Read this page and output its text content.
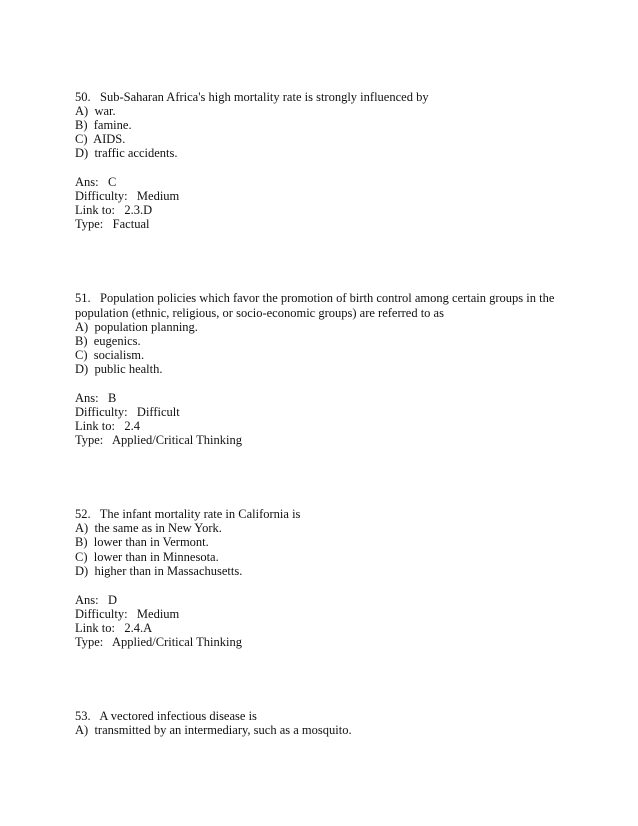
50. Sub-Saharan Africa's high mortality rate is strongly influenced by
A) war.
B) famine.
C) AIDS.
D) traffic accidents.
Ans: C
Difficulty: Medium
Link to: 2.3.D
Type: Factual
51. Population policies which favor the promotion of birth control among certain groups in the
population (ethnic, religious, or socio-economic groups) are referred to as
A) population planning.
B) eugenics.
C) socialism.
D) public health.
Ans: B
Difficulty: Difficult
Link to: 2.4
Type: Applied/Critical Thinking
52. The infant mortality rate in California is
A) the same as in New York.
B) lower than in Vermont.
C) lower than in Minnesota.
D) higher than in Massachusetts.
Ans: D
Difficulty: Medium
Link to: 2.4.A
Type: Applied/Critical Thinking
53. A vectored infectious disease is
A) transmitted by an intermediary, such as a mosquito.
